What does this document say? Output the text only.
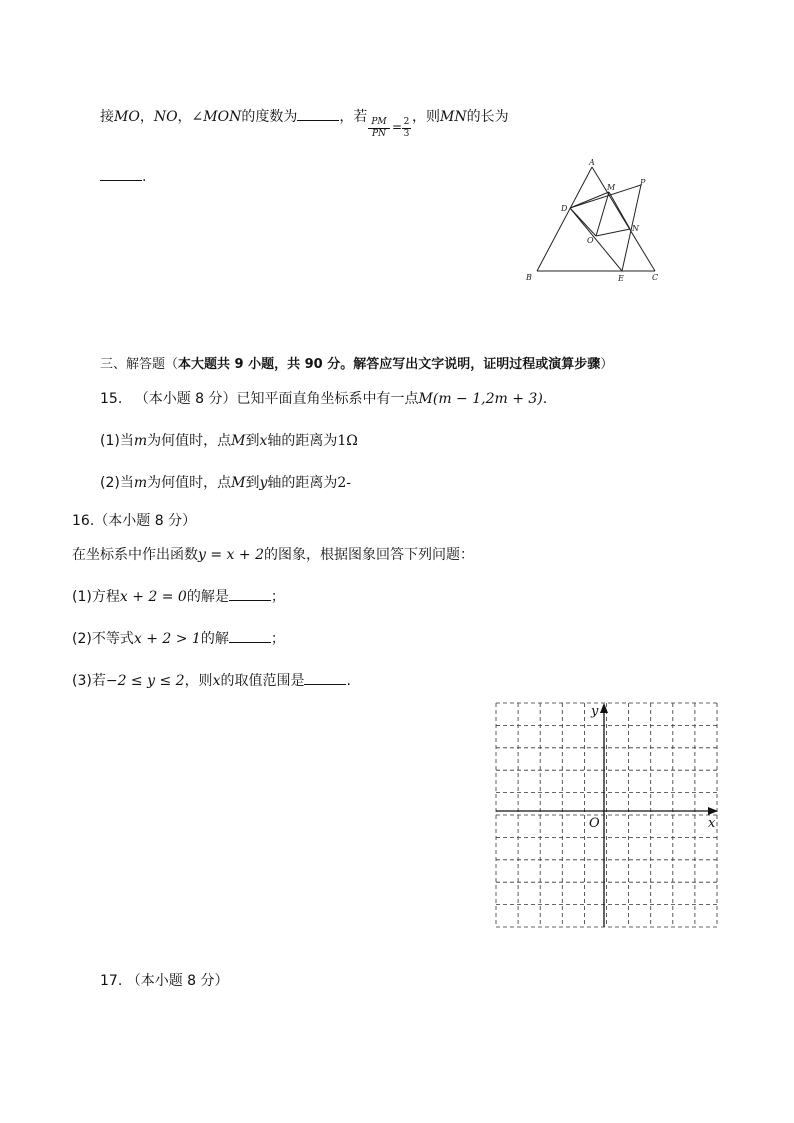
接MO，NO，∠MON的度数为	，若 $\frac{PM}{PN} = \frac{2}{3}$ ，则MN的长为
.
A
M
P
D
O
N
B	E	C
三、解答题（本大题共 9 小题，共 90 分。解答应写出文字说明，证明过程或演算步骤）
15. （本小题 8 分）已知平面直角坐标系中有一点M(m − 1,2m + 3).
(1)当m为何值时，点M到x轴的距离为1Ω
(2)当m为何值时，点M到y轴的距离为2-
16.（本小题 8 分）
在坐标系中作出函数y = x + 2的图象，根据图象回答下列问题：
(1)方程x + 2 = 0的解是	；
(2)不等式x + 2 > 1的解	；
(3)若−2 ≤ y ≤ 2，则x的取值范围是	.
y
x
O
17. （本小题 8 分）
